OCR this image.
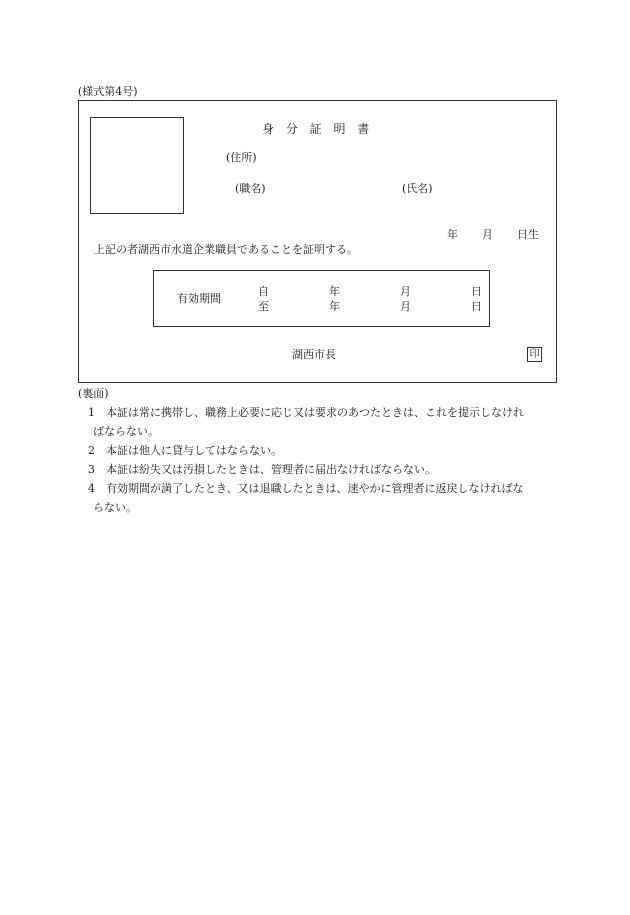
(様式第4号)
身 分 証 明 書
(住所)
(職名)	(氏名)
年 月 日生
上記の者湖西市水道企業職員であることを証明する。
有効期間
自	年	月	日
至	年	月	日
湖西市長	印
(裏面)
1	本証は常に携帯し、職務上必要に応じ又は要求のあつたときは、これを提示しなけれ
ばならない。
2	本証は他人に貸与してはならない。
3	本証は紛失又は汚損したときは、管理者に届出なければならない。
4	有効期間が満了したとき、又は退職したときは、速やかに管理者に返戻しなければな
らない。
